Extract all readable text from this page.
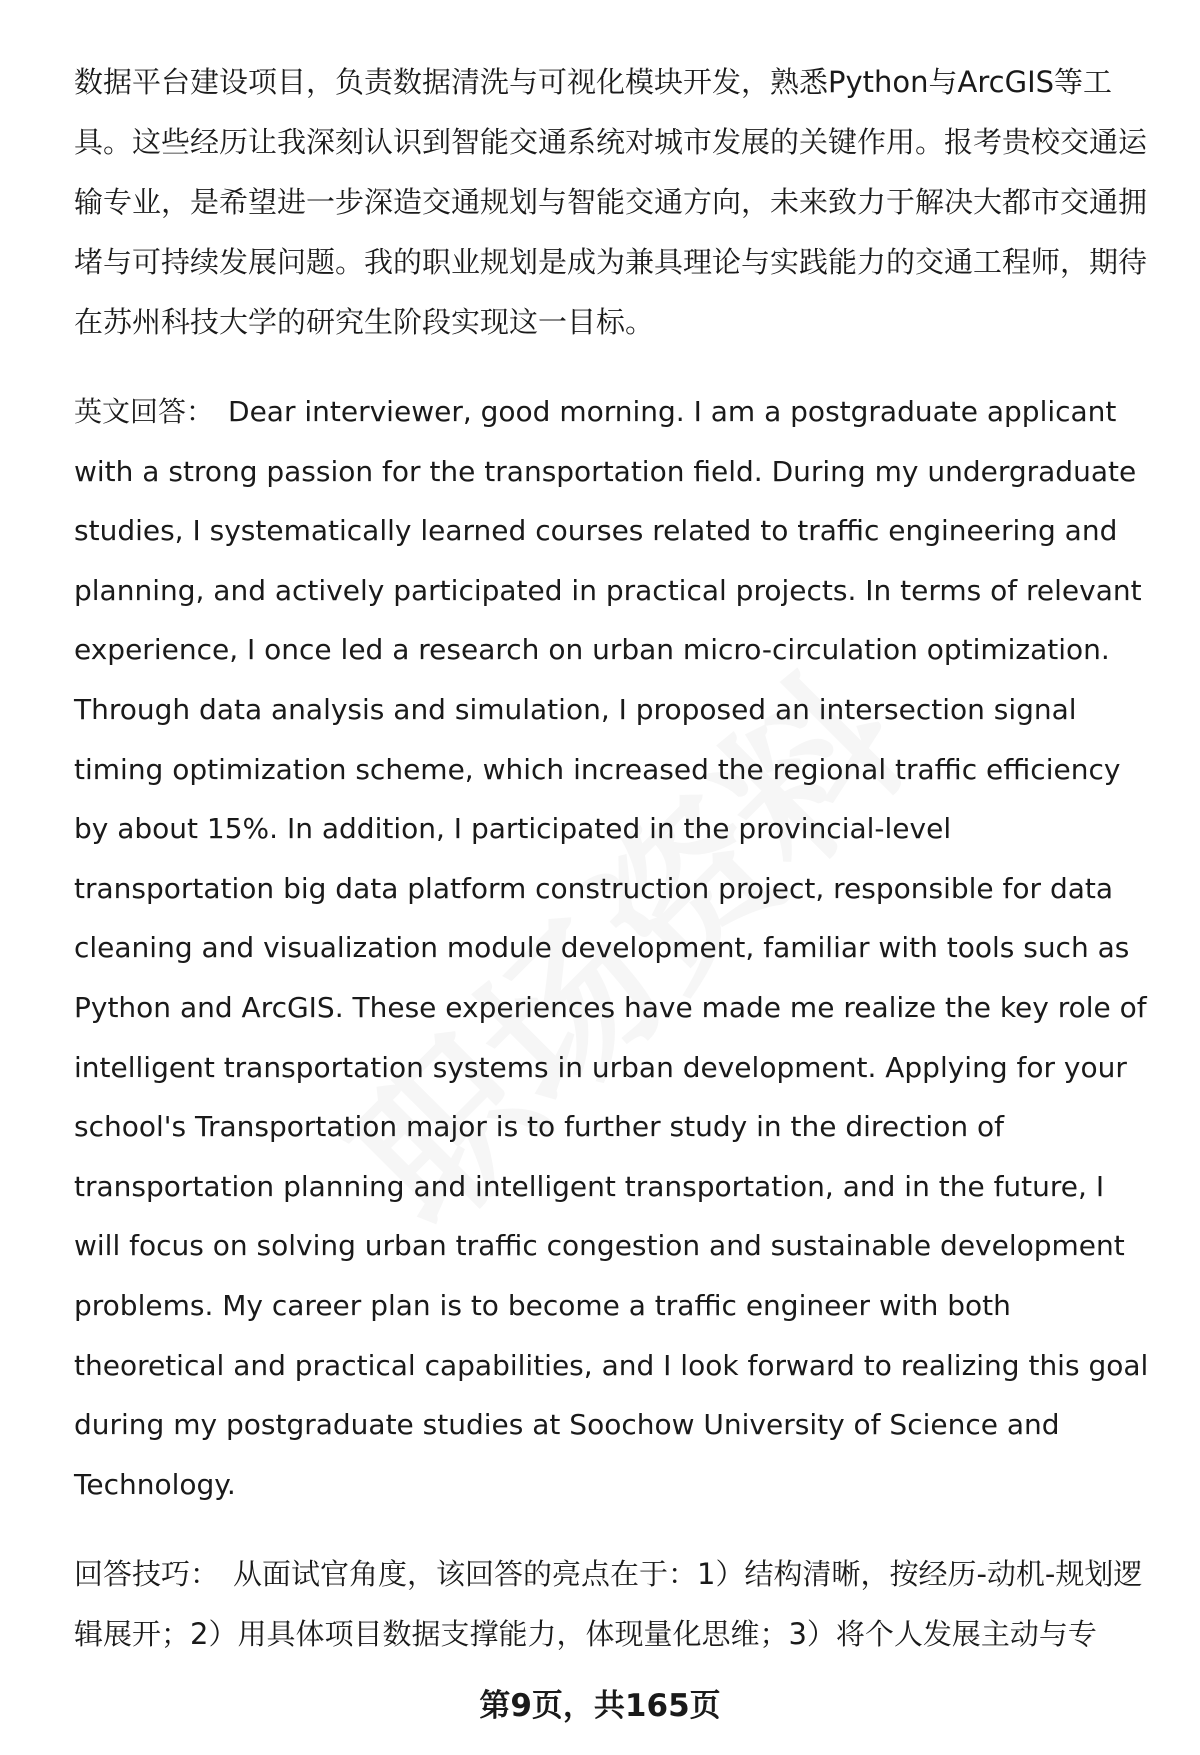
数据平台建设项目，负责数据清洗与可视化模块开发，熟悉Python与ArcGIS等工具。这些经历让我深刻认识到智能交通系统对城市发展的关键作用。报考贵校交通运输专业，是希望进一步深造交通规划与智能交通方向，未来致力于解决大都市交通拥堵与可持续发展问题。我的职业规划是成为兼具理论与实践能力的交通工程师，期待在苏州科技大学的研究生阶段实现这一目标。

英文回答： Dear interviewer, good morning. I am a postgraduate applicant with a strong passion for the transportation field. During my undergraduate studies, I systematically learned courses related to traffic engineering and planning, and actively participated in practical projects. In terms of relevant experience, I once led a research on urban micro-circulation optimization. Through data analysis and simulation, I proposed an intersection signal timing optimization scheme, which increased the regional traffic efficiency by about 15%. In addition, I participated in the provincial-level transportation big data platform construction project, responsible for data cleaning and visualization module development, familiar with tools such as Python and ArcGIS. These experiences have made me realize the key role of intelligent transportation systems in urban development. Applying for your school's Transportation major is to further study in the direction of transportation planning and intelligent transportation, and in the future, I will focus on solving urban traffic congestion and sustainable development problems. My career plan is to become a traffic engineer with both theoretical and practical capabilities, and I look forward to realizing this goal during my postgraduate studies at Soochow University of Science and Technology.

回答技巧： 从面试官角度，该回答的亮点在于：1）结构清晰，按经历-动机-规划逻辑展开；2）用具体项目数据支撑能力，体现量化思维；3）将个人发展主动与专

第9页，共165页
